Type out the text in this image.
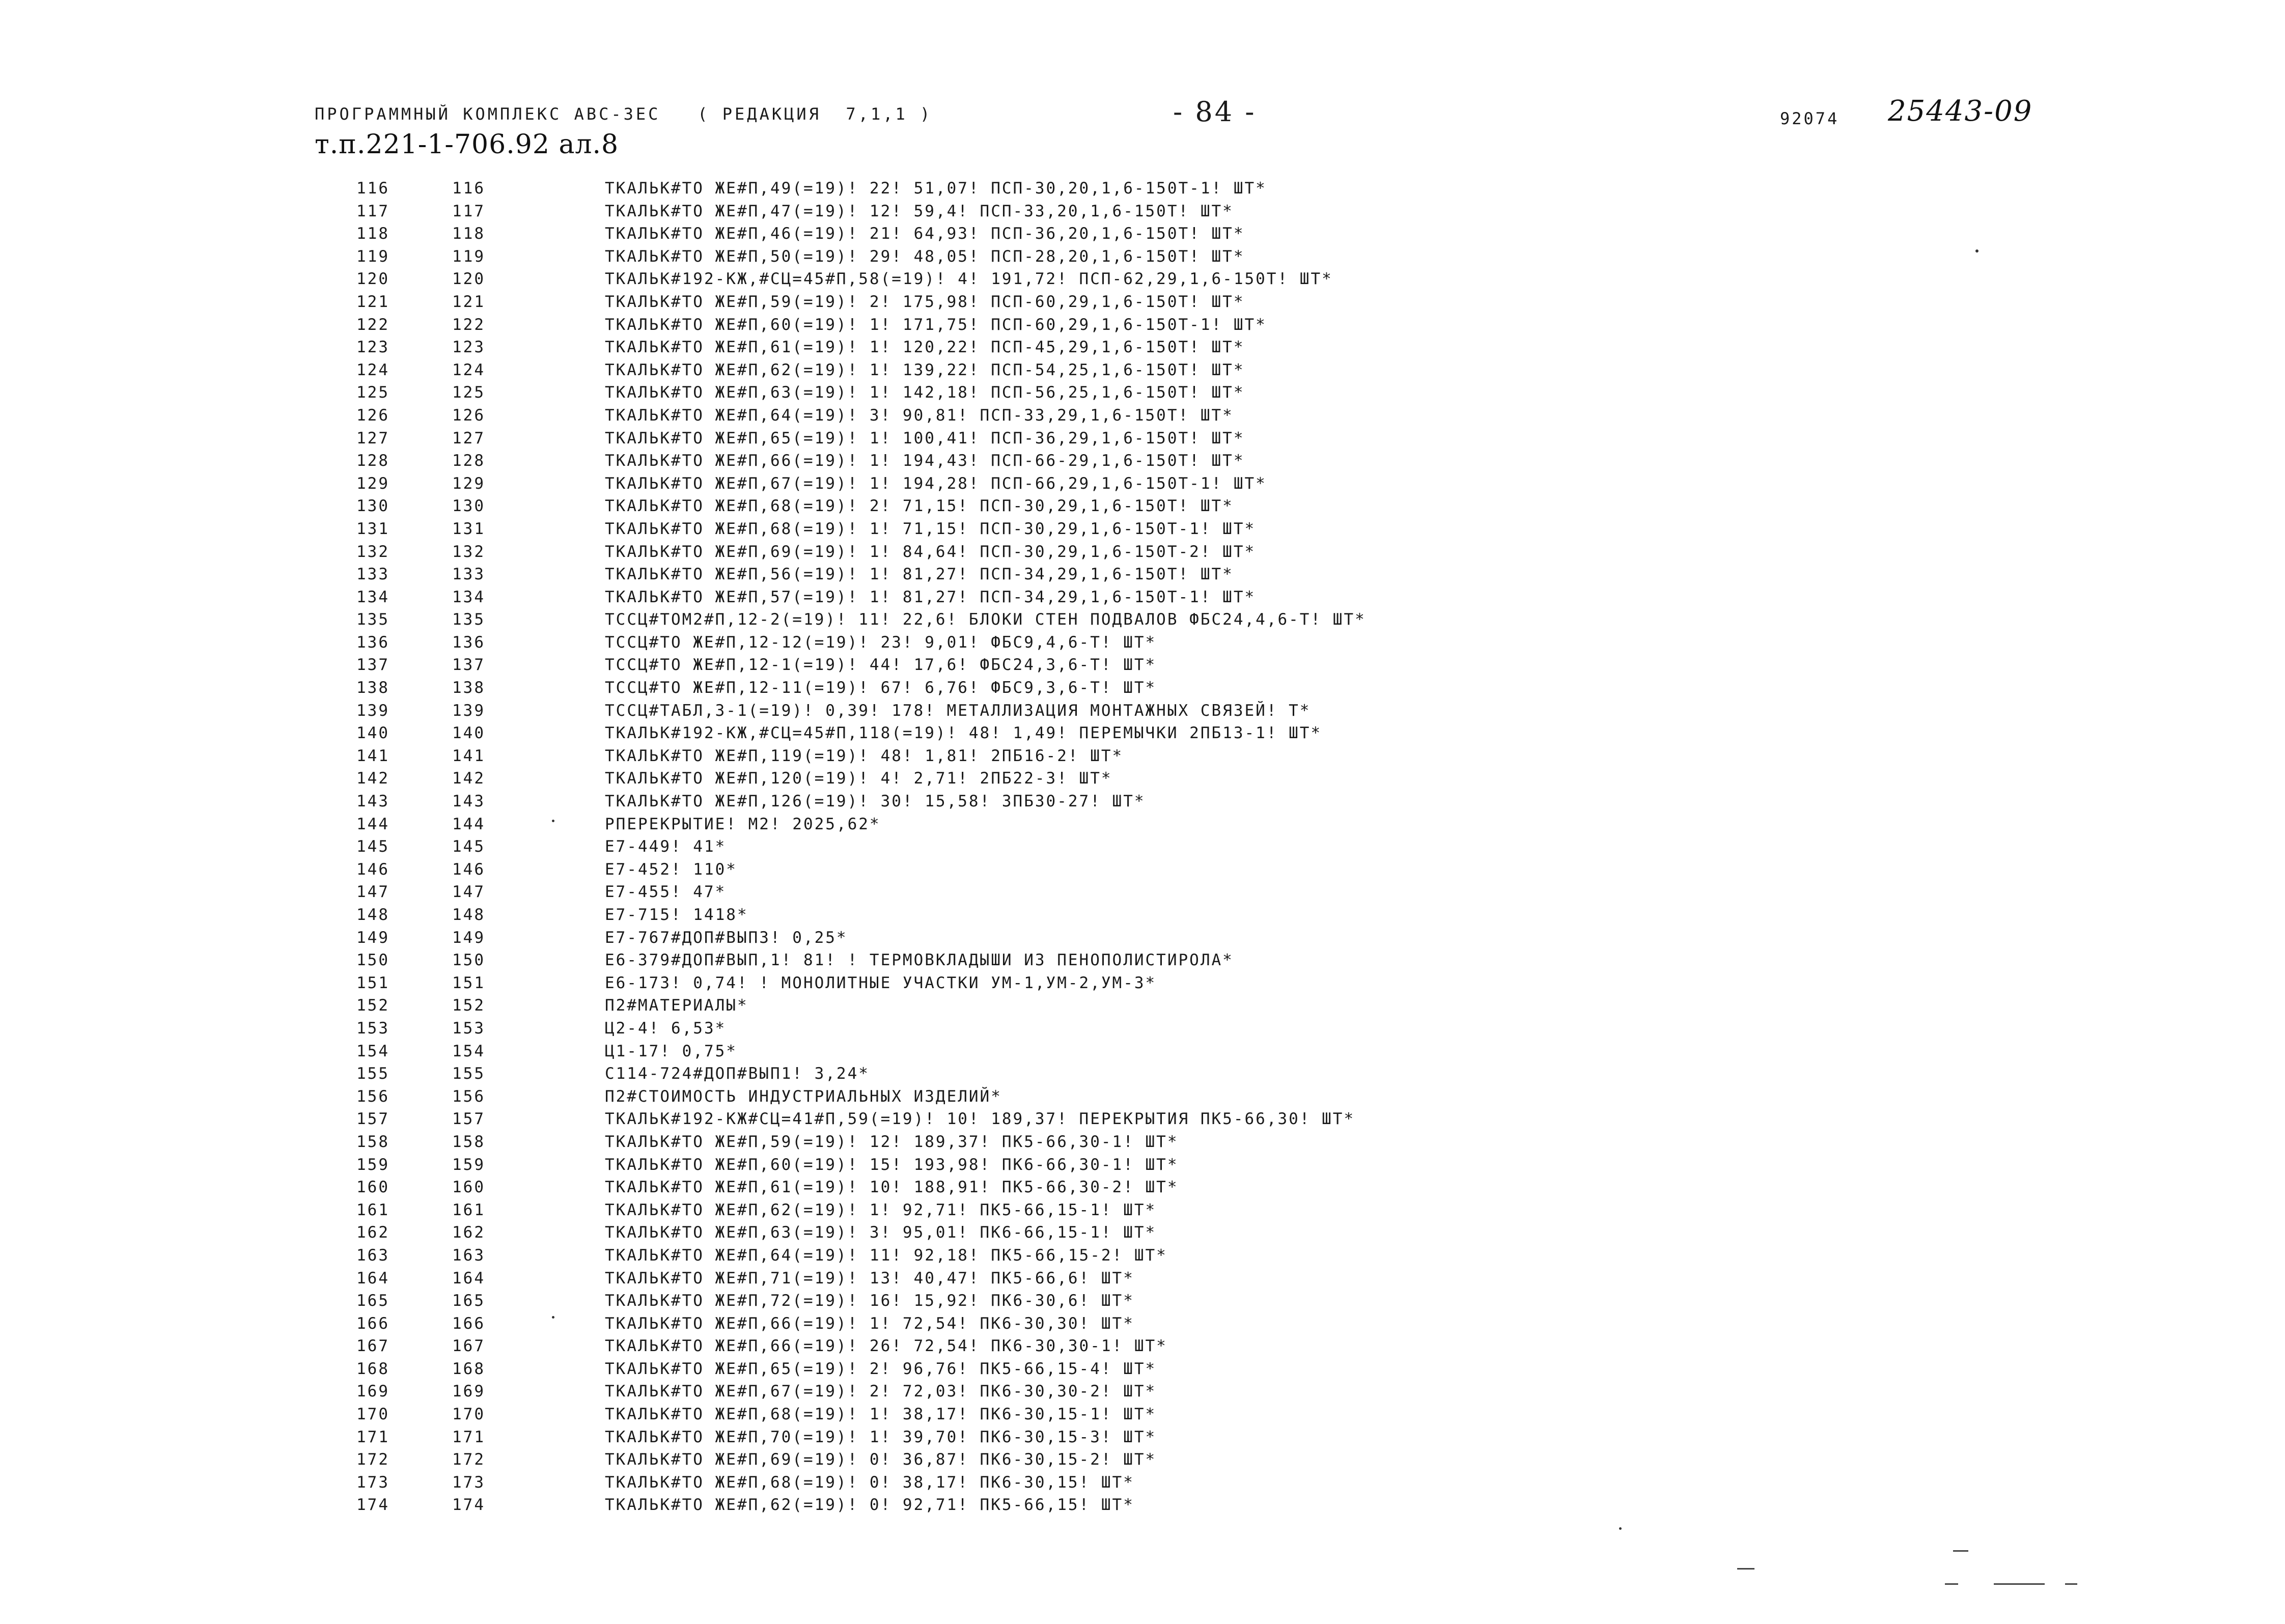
ПРОГРАММНЫЙ КОМПЛЕКС АВС-3ЕС   ( РЕДАКЦИЯ  7,1,1 )	- 84 -	92074 25443-09
т.п.221-1-706.92 ал.8
116	116	ТКАЛЬК#ТО ЖЕ#П,49(=19)! 22! 51,07! ПСП-30,20,1,6-150Т-1! ШТ*
117	117	ТКАЛЬК#ТО ЖЕ#П,47(=19)! 12! 59,4! ПСП-33,20,1,6-150Т! ШТ*
118	118	ТКАЛЬК#ТО ЖЕ#П,46(=19)! 21! 64,93! ПСП-36,20,1,6-150Т! ШТ*
119	119	ТКАЛЬК#ТО ЖЕ#П,50(=19)! 29! 48,05! ПСП-28,20,1,6-150Т! ШТ*
120	120	ТКАЛЬК#192-КЖ,#СЦ=45#П,58(=19)! 4! 191,72! ПСП-62,29,1,6-150Т! ШТ*
121	121	ТКАЛЬК#ТО ЖЕ#П,59(=19)! 2! 175,98! ПСП-60,29,1,6-150Т! ШТ*
122	122	ТКАЛЬК#ТО ЖЕ#П,60(=19)! 1! 171,75! ПСП-60,29,1,6-150Т-1! ШТ*
123	123	ТКАЛЬК#ТО ЖЕ#П,61(=19)! 1! 120,22! ПСП-45,29,1,6-150Т! ШТ*
124	124	ТКАЛЬК#ТО ЖЕ#П,62(=19)! 1! 139,22! ПСП-54,25,1,6-150Т! ШТ*
125	125	ТКАЛЬК#ТО ЖЕ#П,63(=19)! 1! 142,18! ПСП-56,25,1,6-150Т! ШТ*
126	126	ТКАЛЬК#ТО ЖЕ#П,64(=19)! 3! 90,81! ПСП-33,29,1,6-150Т! ШТ*
127	127	ТКАЛЬК#ТО ЖЕ#П,65(=19)! 1! 100,41! ПСП-36,29,1,6-150Т! ШТ*
128	128	ТКАЛЬК#ТО ЖЕ#П,66(=19)! 1! 194,43! ПСП-66-29,1,6-150Т! ШТ*
129	129	ТКАЛЬК#ТО ЖЕ#П,67(=19)! 1! 194,28! ПСП-66,29,1,6-150Т-1! ШТ*
130	130	ТКАЛЬК#ТО ЖЕ#П,68(=19)! 2! 71,15! ПСП-30,29,1,6-150Т! ШТ*
131	131	ТКАЛЬК#ТО ЖЕ#П,68(=19)! 1! 71,15! ПСП-30,29,1,6-150Т-1! ШТ*
132	132	ТКАЛЬК#ТО ЖЕ#П,69(=19)! 1! 84,64! ПСП-30,29,1,6-150Т-2! ШТ*
133	133	ТКАЛЬК#ТО ЖЕ#П,56(=19)! 1! 81,27! ПСП-34,29,1,6-150Т! ШТ*
134	134	ТКАЛЬК#ТО ЖЕ#П,57(=19)! 1! 81,27! ПСП-34,29,1,6-150Т-1! ШТ*
135	135	ТССЦ#ТОМ2#П,12-2(=19)! 11! 22,6! БЛОКИ СТЕН ПОДВАЛОВ ФБС24,4,6-Т! ШТ*
136	136	ТССЦ#ТО ЖЕ#П,12-12(=19)! 23! 9,01! ФБС9,4,6-Т! ШТ*
137	137	ТССЦ#ТО ЖЕ#П,12-1(=19)! 44! 17,6! ФБС24,3,6-Т! ШТ*
138	138	ТССЦ#ТО ЖЕ#П,12-11(=19)! 67! 6,76! ФБС9,3,6-Т! ШТ*
139	139	ТССЦ#ТАБЛ,3-1(=19)! 0,39! 178! МЕТАЛЛИЗАЦИЯ МОНТАЖНЫХ СВЯЗЕЙ! Т*
140	140	ТКАЛЬК#192-КЖ,#СЦ=45#П,118(=19)! 48! 1,49! ПЕРЕМЫЧКИ 2ПБ13-1! ШТ*
141	141	ТКАЛЬК#ТО ЖЕ#П,119(=19)! 48! 1,81! 2ПБ16-2! ШТ*
142	142	ТКАЛЬК#ТО ЖЕ#П,120(=19)! 4! 2,71! 2ПБ22-3! ШТ*
143	143	ТКАЛЬК#ТО ЖЕ#П,126(=19)! 30! 15,58! 3ПБ30-27! ШТ*
144	144	РПЕРЕКРЫТИЕ! М2! 2025,62*
145	145	Е7-449! 41*
146	146	Е7-452! 110*
147	147	Е7-455! 47*
148	148	Е7-715! 1418*
149	149	Е7-767#ДОП#ВЫП3! 0,25*
150	150	Е6-379#ДОП#ВЫП,1! 81! ! ТЕРМОВКЛАДЫШИ ИЗ ПЕНОПОЛИСТИРОЛА*
151	151	Е6-173! 0,74! ! МОНОЛИТНЫЕ УЧАСТКИ УМ-1,УМ-2,УМ-3*
152	152	П2#МАТЕРИАЛЫ*
153	153	Ц2-4! 6,53*
154	154	Ц1-17! 0,75*
155	155	С114-724#ДОП#ВЫП1! 3,24*
156	156	П2#СТОИМОСТЬ ИНДУСТРИАЛЬНЫХ ИЗДЕЛИЙ*
157	157	ТКАЛЬК#192-КЖ#СЦ=41#П,59(=19)! 10! 189,37! ПЕРЕКРЫТИЯ ПК5-66,30! ШТ*
158	158	ТКАЛЬК#ТО ЖЕ#П,59(=19)! 12! 189,37! ПК5-66,30-1! ШТ*
159	159	ТКАЛЬК#ТО ЖЕ#П,60(=19)! 15! 193,98! ПК6-66,30-1! ШТ*
160	160	ТКАЛЬК#ТО ЖЕ#П,61(=19)! 10! 188,91! ПК5-66,30-2! ШТ*
161	161	ТКАЛЬК#ТО ЖЕ#П,62(=19)! 1! 92,71! ПК5-66,15-1! ШТ*
162	162	ТКАЛЬК#ТО ЖЕ#П,63(=19)! 3! 95,01! ПК6-66,15-1! ШТ*
163	163	ТКАЛЬК#ТО ЖЕ#П,64(=19)! 11! 92,18! ПК5-66,15-2! ШТ*
164	164	ТКАЛЬК#ТО ЖЕ#П,71(=19)! 13! 40,47! ПК5-66,6! ШТ*
165	165	ТКАЛЬК#ТО ЖЕ#П,72(=19)! 16! 15,92! ПК6-30,6! ШТ*
166	166	ТКАЛЬК#ТО ЖЕ#П,66(=19)! 1! 72,54! ПК6-30,30! ШТ*
167	167	ТКАЛЬК#ТО ЖЕ#П,66(=19)! 26! 72,54! ПК6-30,30-1! ШТ*
168	168	ТКАЛЬК#ТО ЖЕ#П,65(=19)! 2! 96,76! ПК5-66,15-4! ШТ*
169	169	ТКАЛЬК#ТО ЖЕ#П,67(=19)! 2! 72,03! ПК6-30,30-2! ШТ*
170	170	ТКАЛЬК#ТО ЖЕ#П,68(=19)! 1! 38,17! ПК6-30,15-1! ШТ*
171	171	ТКАЛЬК#ТО ЖЕ#П,70(=19)! 1! 39,70! ПК6-30,15-3! ШТ*
172	172	ТКАЛЬК#ТО ЖЕ#П,69(=19)! 0! 36,87! ПК6-30,15-2! ШТ*
173	173	ТКАЛЬК#ТО ЖЕ#П,68(=19)! 0! 38,17! ПК6-30,15! ШТ*
174	174	ТКАЛЬК#ТО ЖЕ#П,62(=19)! 0! 92,71! ПК5-66,15! ШТ*
